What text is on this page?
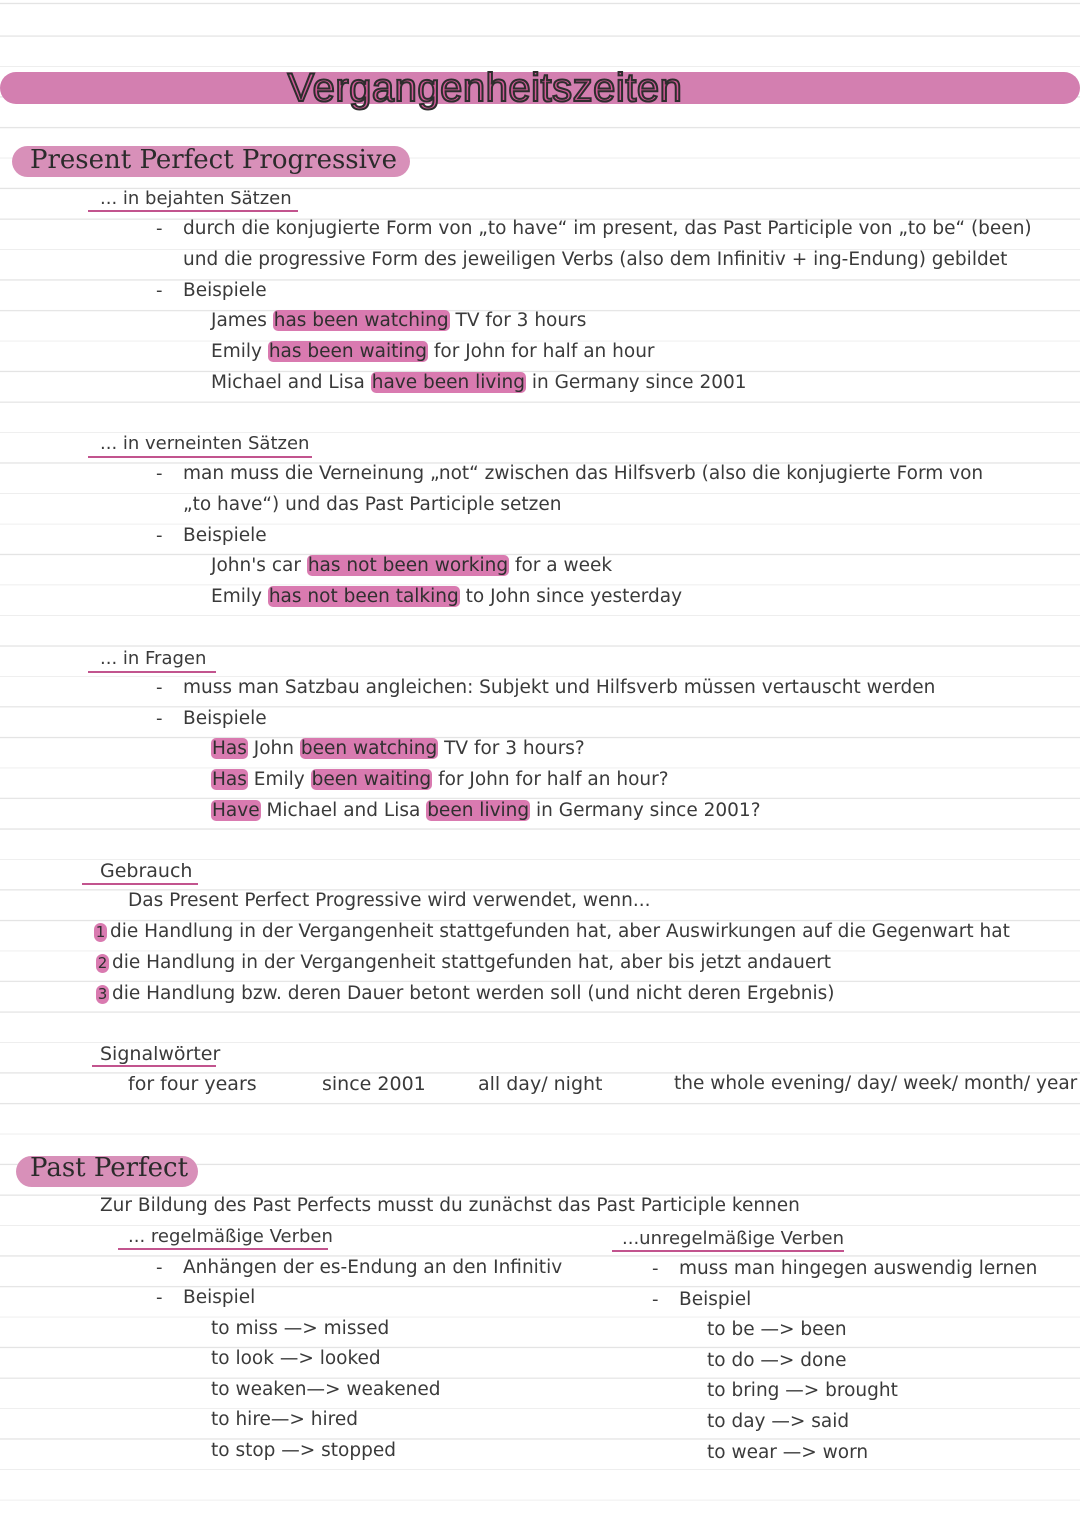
Vergangenheitszeiten
Present Perfect Progressive
... in bejahten Sätzen
- durch die konjugierte Form von „to have“ im present, das Past Participle von „to be“ (been)
und die progressive Form des jeweiligen Verbs (also dem Infinitiv + ing-Endung) gebildet
- Beispiele
James has been watching TV for 3 hours
Emily has been waiting for John for half an hour
Michael and Lisa have been living in Germany since 2001
... in verneinten Sätzen
- man muss die Verneinung „not“ zwischen das Hilfsverb (also die konjugierte Form von
„to have“) und das Past Participle setzen
- Beispiele
John's car has not been working for a week
Emily has not been talking to John since yesterday
... in Fragen
- muss man Satzbau angleichen: Subjekt und Hilfsverb müssen vertauscht werden
- Beispiele
Has John been watching TV for 3 hours?
Has Emily been waiting for John for half an hour?
Have Michael and Lisa been living in Germany since 2001?
Gebrauch
Das Present Perfect Progressive wird verwendet, wenn...
1 die Handlung in der Vergangenheit stattgefunden hat, aber Auswirkungen auf die Gegenwart hat
2 die Handlung in der Vergangenheit stattgefunden hat, aber bis jetzt andauert
3 die Handlung bzw. deren Dauer betont werden soll (und nicht deren Ergebnis)
Signalwörter
for four years	since 2001	all day/ night	the whole evening/ day/ week/ month/ year
Past Perfect
Zur Bildung des Past Perfects musst du zunächst das Past Participle kennen
... regelmäßige Verben
- Anhängen der es-Endung an den Infinitiv
- Beispiel
to miss —> missed
to look —> looked
to weaken—> weakened
to hire—> hired
to stop —> stopped
...unregelmäßige Verben
- muss man hingegen auswendig lernen
- Beispiel
to be —> been
to do —> done
to bring —> brought
to day —> said
to wear —> worn
